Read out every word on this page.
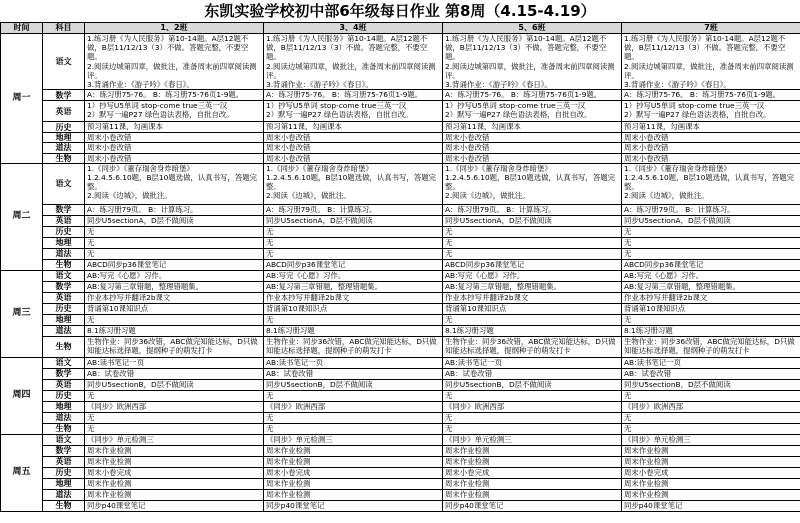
东凯实验学校初中部6年级每日作业 第8周（4.15-4.19）
时间	科目	1、2班	3、4班	5、6班	7班
周一	语文	1.练习册《为人民服务》第10-14题。A层12题不做，B层11/12/13（3）不做。答题完整，不要空题。
2.阅读边城第四章，做批注，准备周末前四章阅读测评。
3.背诵作业：《游子吟》《春日》。	1.练习册《为人民服务》第10-14题。A层12题不做，B层11/12/13（3）不做。答题完整，不要空题。
2.阅读边城第四章，做批注，准备周末前四章阅读测评。
3.背诵作业：《游子吟》《春日》。	1.练习册《为人民服务》第10-14题。A层12题不做，B层11/12/13（3）不做。答题完整，不要空题。
2.阅读边城第四章，做批注，准备周末前四章阅读测评。
3.背诵作业：《游子吟》《春日》。	1.练习册《为人民服务》第10-14题。A层12题不做，B层11/12/13（3）不做。答题完整，不要空题。
2.阅读边城第四章，做批注，准备周末前四章阅读测评。
3.背诵作业：《游子吟》《春日》。

	数学	A：练习册75-76。 B：练习册75-76页1-9题。	A：练习册75-76。 B：练习册75-76页1-9题。	A：练习册75-76。 B：练习册75-76页1-9题。	A：练习册75-76。 B：练习册75-76页1-9题。

	英语	1）抄写U5单词 stop-come true三英一汉
2）默写一遍P27 绿色语法表格，自批自改。	1）抄写U5单词 stop-come true三英一汉
2）默写一遍P27 绿色语法表格，自批自改。	1）抄写U5单词 stop-come true三英一汉
2）默写一遍P27 绿色语法表格，自批自改。	1）抄写U5单词 stop-come true三英一汉
2）默写一遍P27 绿色语法表格，自批自改。

	历史	预习第11课，勾画课本	预习第11课，勾画课本	预习第11课，勾画课本	预习第11课，勾画课本

	地理	周末小卷改错	周末小卷改错	周末小卷改错	周末小卷改错

	道法	周末小卷改错	周末小卷改错	周末小卷改错	周末小卷改错

	生物	周末小卷改错	周末小卷改错	周末小卷改错	周末小卷改错

周二	语文	1.《同步》《董存瑞舍身炸暗堡》
1.2.4.5.6.10题，B层10题选做，认真书写，答题完整。
2.阅读《边城》，做批注。	1.《同步》《董存瑞舍身炸暗堡》
1.2.4.5.6.10题，B层10题选做，认真书写，答题完整。
2.阅读《边城》，做批注。	1.《同步》《董存瑞舍身炸暗堡》
1.2.4.5.6.10题，B层10题选做，认真书写，答题完整。
2.阅读《边城》，做批注。	1.《同步》《董存瑞舍身炸暗堡》
1.2.4.5.6.10题，B层10题选做，认真书写，答题完整。
2.阅读《边城》，做批注。

	数学	A：练习册79页。 B：计算练习。	A：练习册79页。 B：计算练习。	A：练习册79页。 B：计算练习。	A：练习册79页。 B：计算练习。

	英语	同步U5sectionA，D层不做阅读	同步U5sectionA，D层不做阅读	同步U5sectionA，D层不做阅读	同步U5sectionA，D层不做阅读

	历史	无	无	无	无

	地理	无	无	无	无

	道法	无	无	无	无

	生物	ABCD同步p36课堂笔记	ABCD同步p36课堂笔记	ABCD同步p36课堂笔记	ABCD同步p36课堂笔记

周三	语文	AB:写完《心愿》习作。	AB:写完《心愿》习作。	AB:写完《心愿》习作。	AB:写完《心愿》习作。

	数学	AB:复习第三章错题，整理错题集。	AB:复习第三章错题，整理错题集。	AB:复习第三章错题，整理错题集。	AB:复习第三章错题，整理错题集。

	英语	作业本抄写并翻译2b课文	作业本抄写并翻译2b课文	作业本抄写并翻译2b课文	作业本抄写并翻译2b课文

	历史	背诵第10课知识点	背诵第10课知识点	背诵第10课知识点	背诵第10课知识点

	地理	无	无	无	无

	道法	8.1练习册习题	8.1练习册习题	8.1练习册习题	8.1练习册习题

	生物	生物作业：同步36改错，ABC做完知能达标，D只做知能达标选择题，提纲种子的萌发打卡	生物作业：同步36改错，ABC做完知能达标，D只做知能达标选择题，提纲种子的萌发打卡	生物作业：同步36改错，ABC做完知能达标，D只做知能达标选择题，提纲种子的萌发打卡	生物作业：同步36改错，ABC做完知能达标，D只做知能达标选择题，提纲种子的萌发打卡

周四	语文	AB:读书笔记一页	AB:读书笔记一页	AB:读书笔记一页	AB:读书笔记一页

	数学	AB：试卷改错	AB：试卷改错	AB：试卷改错	AB：试卷改错

	英语	同步U5sectionB，D层不做阅读	同步U5sectionB，D层不做阅读	同步U5sectionB，D层不做阅读	同步U5sectionB，D层不做阅读

	历史	无	无	无	无

	地理	《同步》欧洲西部	《同步》欧洲西部	《同步》欧洲西部	《同步》欧洲西部

	道法	无	无	无	无

	生物	无	无	无	无

周五	语文	《同步》单元检测三	《同步》单元检测三	《同步》单元检测三	《同步》单元检测三

	数学	周末作业检测	周末作业检测	周末作业检测	周末作业检测

	英语	周末作业检测	周末作业检测	周末作业检测	周末作业检测

	历史	周末小卷完成	周末小卷完成	周末小卷完成	周末小卷完成

	地理	周末作业检测	周末作业检测	周末作业检测	周末作业检测

	道法	周末作业检测	周末作业检测	周末作业检测	周末作业检测

	生物	同步p40课堂笔记	同步p40课堂笔记	同步p40课堂笔记	同步p40课堂笔记
